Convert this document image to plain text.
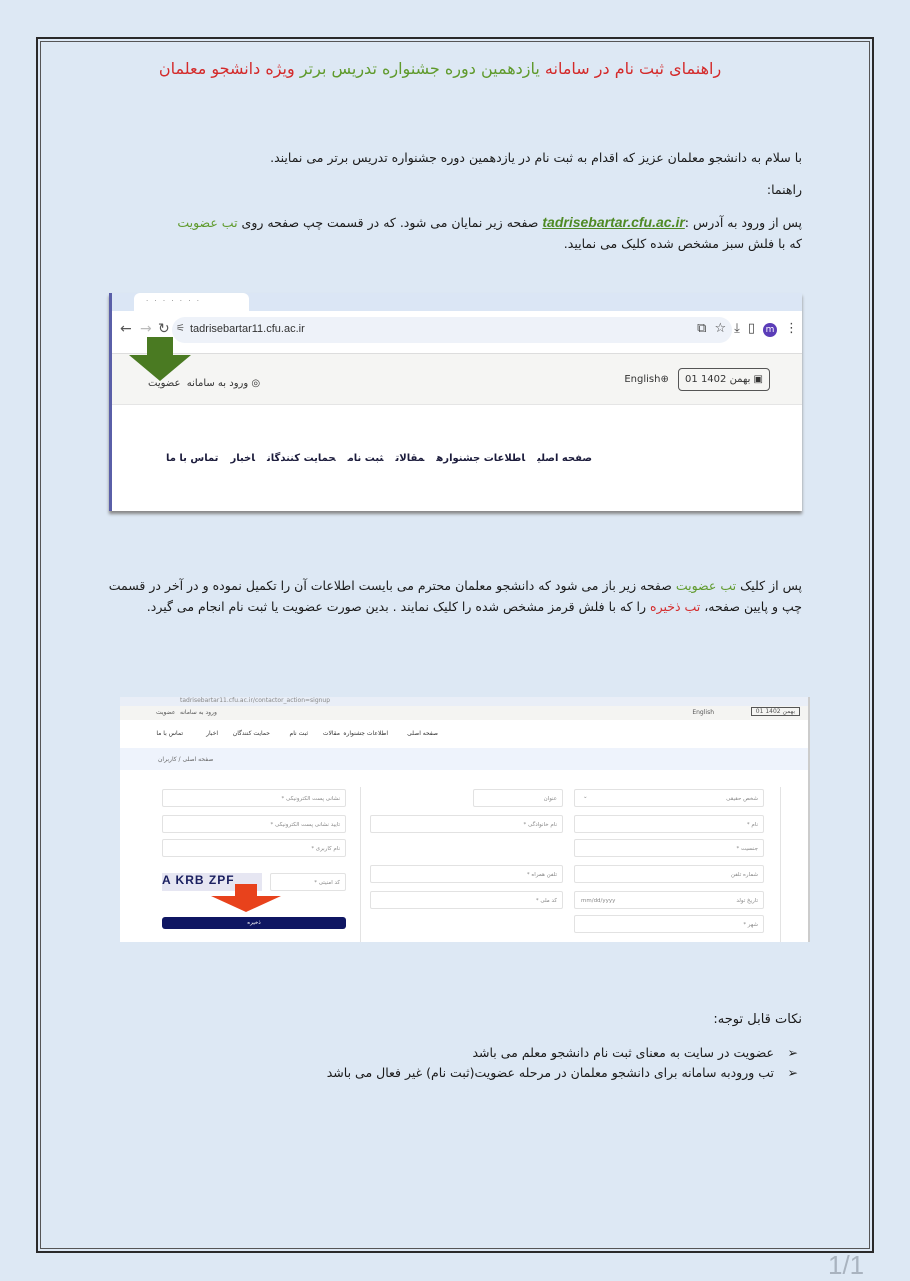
راهنمای ثبت نام در سامانه یازدهمین دوره جشنواره تدریس برتر ویژه دانشجو معلمان
با سلام به دانشجو معلمان عزیز که اقدام به ثبت نام در یازدهمین دوره جشنواره تدریس برتر می نمایند.
راهنما:
پس از ورود به آدرس :tadrisebartar.cfu.ac.ir صفحه زیر نمایان می شود. که در قسمت چپ صفحه روی تب عضویت
که با فلش سبز مشخص شده کلیک می نمایید.
. . . . . . .
← → ↻ ⚟ tadrisebartar11.cfu.ac.ir	⧉ ☆ ⤓ ▯ m ⋮
◎ ورود به سامانه  عضویت	English⊕ 01 بهمن 1402 ▣
صفحه اصلیاطلاعات جشنوارهمقالاتثبت نامحمایت کنندگاناخبارتماس با ما
پس از کلیک تب عضویت صفحه زیر باز می شود که دانشجو معلمان محترم می بایست اطلاعات آن را تکمیل نموده و در آخر در قسمت چپ و پایین صفحه، تب ذخیره را که با فلش قرمز مشخص شده را کلیک نمایند . بدین صورت عضویت یا ثبت نام انجام می گیرد.
tadrisebartar11.cfu.ac.ir/contactor_action=signup
عضویت ورود به سامانه	English	01 بهمن 1402
صفحه اصلی
اطلاعات جشنواره
مقالات
ثبت نام
حمایت کنندگان
اخبار
تماس با ما
صفحه اصلی / کاربران
شخص حقیقی
⌄
نام *
جنسیت *
شماره تلفن
mm/dd/yyyy	تاریخ تولد
شهر *
عنوان
نام خانوادگی *
تلفن همراه *
کد ملی *
نشانی پست الکترونیکی *
تایید نشانی پست الکترونیکی *
نام کاربری *
کد امنیتی *
A KRB ZPF
ذخیره
نکات قابل توجه:
➢
عضویت در سایت به معنای ثبت نام دانشجو معلم می باشد
➢
تب ورودبه سامانه برای دانشجو معلمان در مرحله عضویت(ثبت نام) غیر فعال می باشد
1/1
